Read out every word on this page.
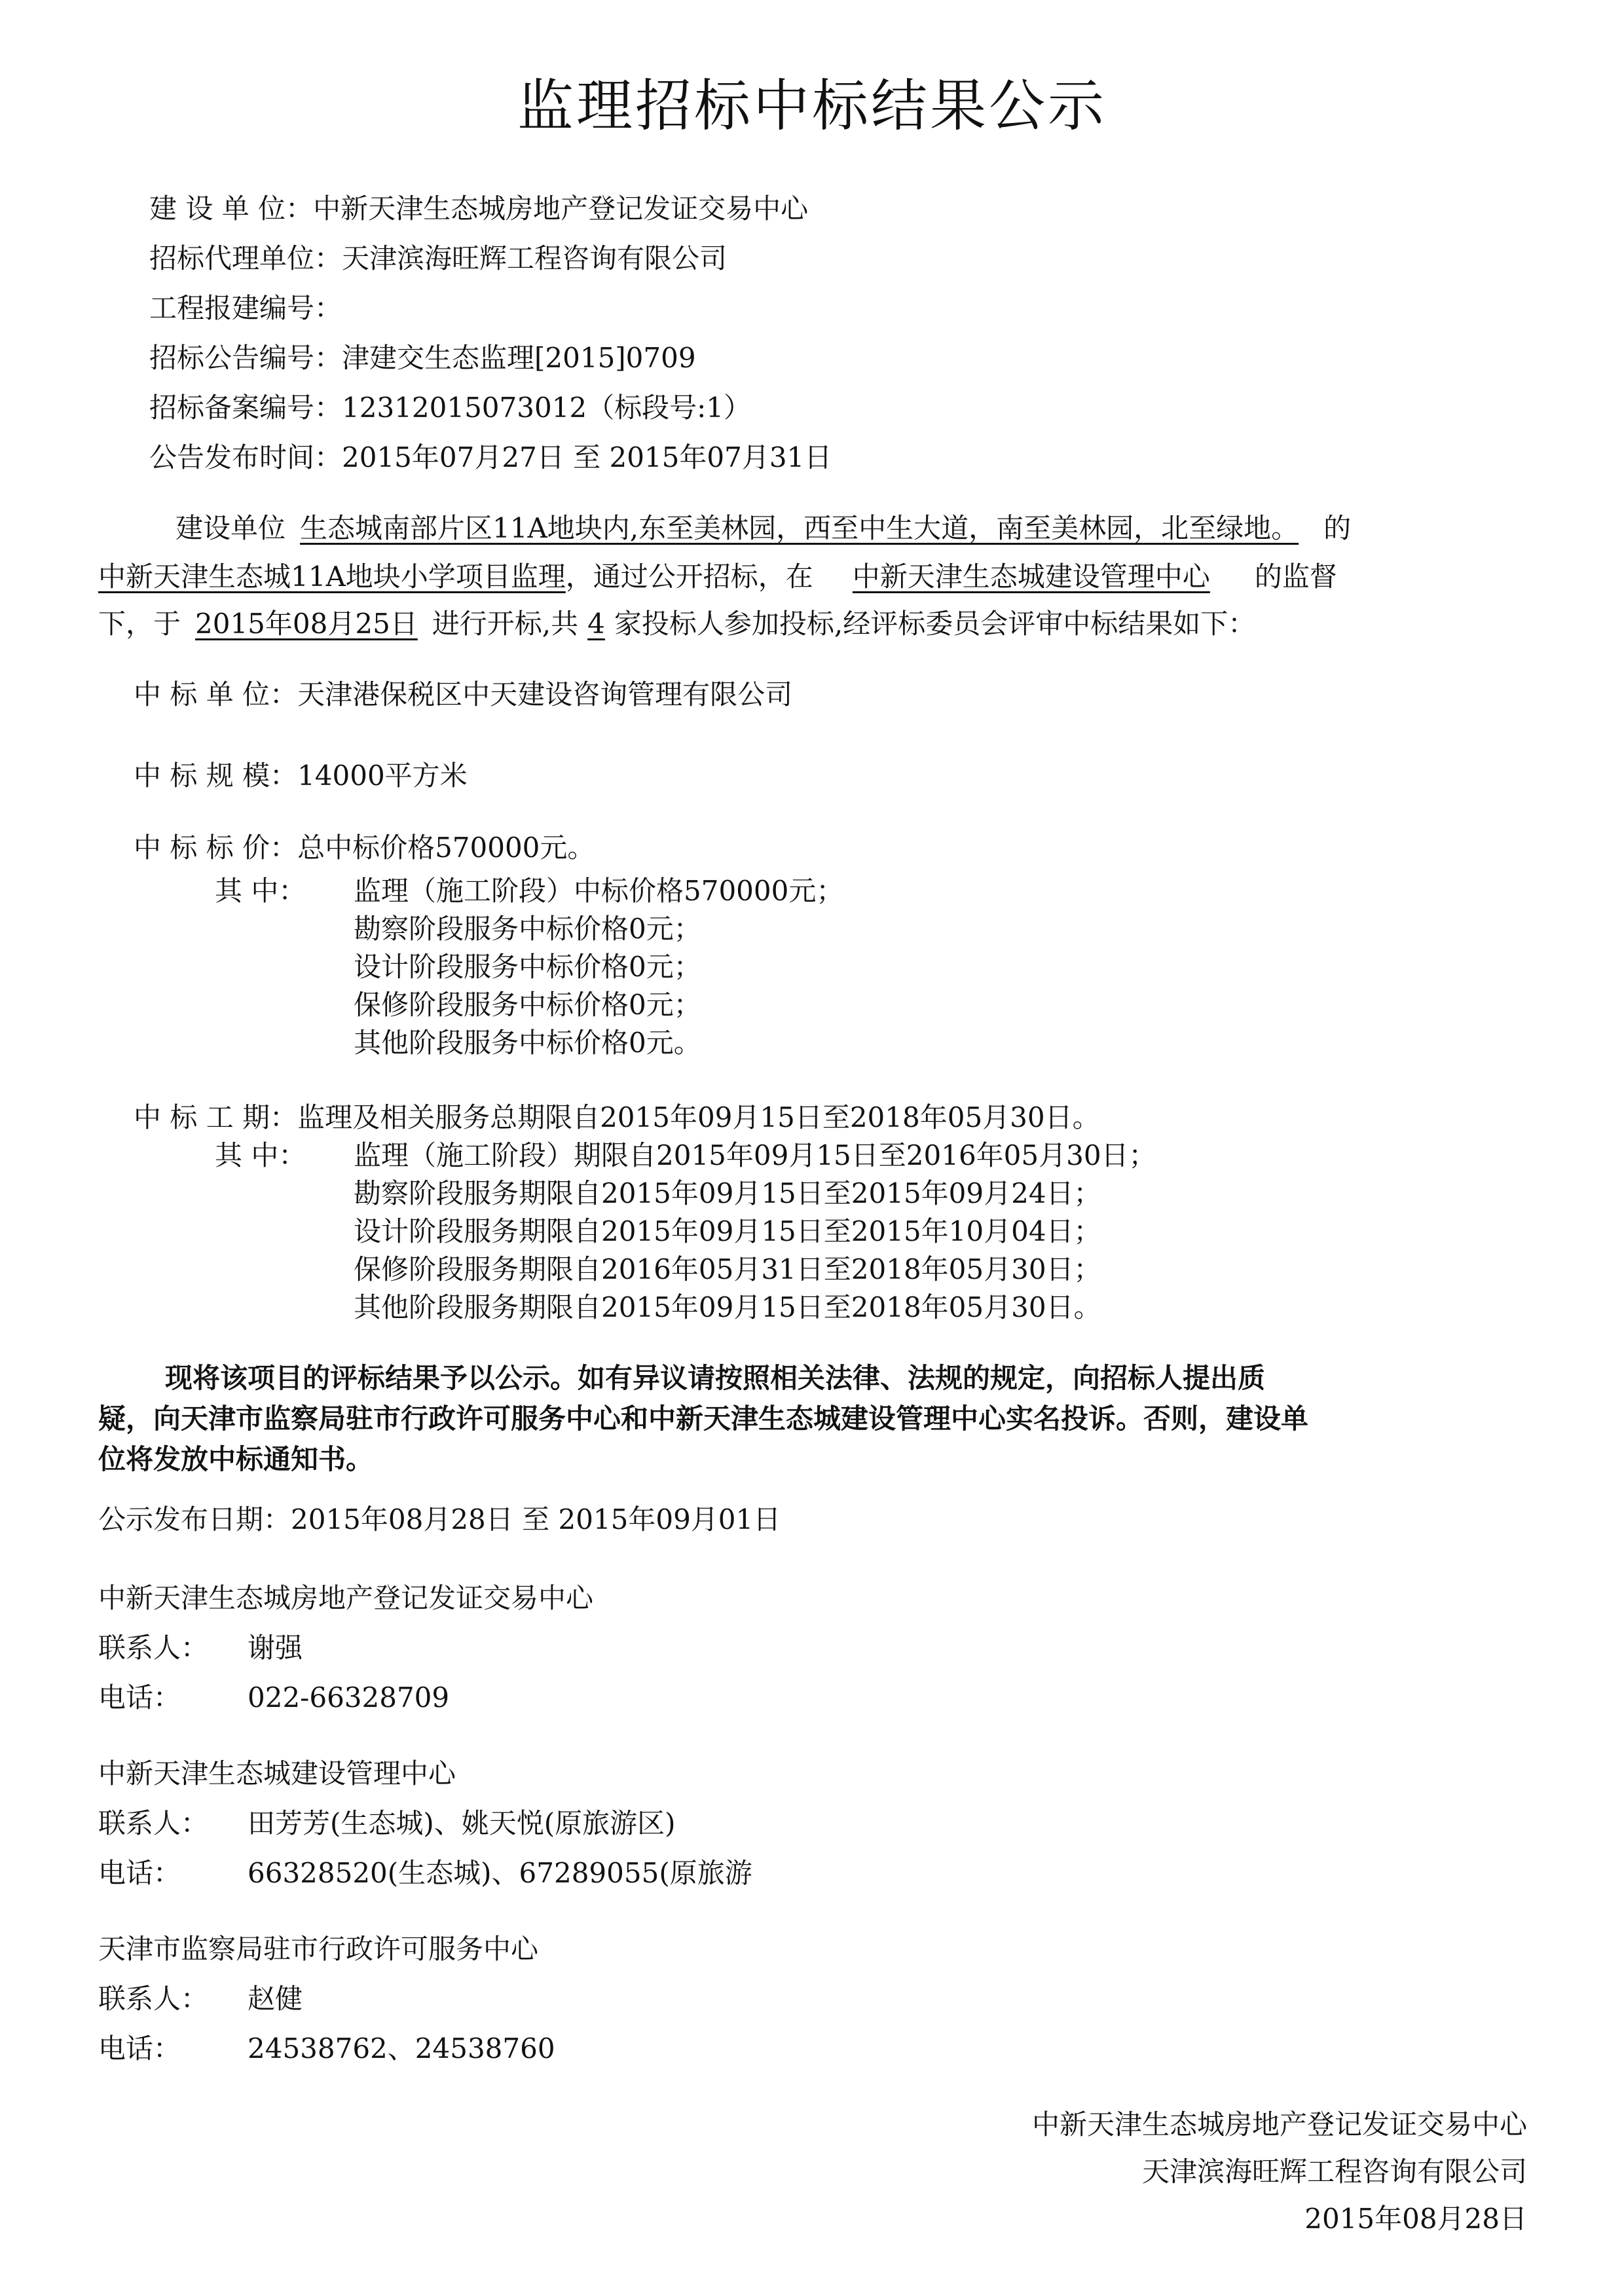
监理招标中标结果公示
建 设 单 位：中新天津生态城房地产登记发证交易中心
招标代理单位：天津滨海旺辉工程咨询有限公司
工程报建编号：
招标公告编号：津建交生态监理[2015]0709
招标备案编号：12312015073012（标段号:1）
公告发布时间：2015年07月27日 至 2015年07月31日
建设单位 生态城南部片区11A地块内,东至美林园，西至中生大道，南至美林园，北至绿地。 的
中新天津生态城11A地块小学项目监理，通过公开招标，在 中新天津生态城建设管理中心 的监督
下，于 2015年08月25日 进行开标,共 4 家投标人参加投标,经评标委员会评审中标结果如下：
中 标 单 位：天津港保税区中天建设咨询管理有限公司
中 标 规 模：14000平方米
中 标 标 价：总中标价格570000元。
其 中： 监理（施工阶段）中标价格570000元；
勘察阶段服务中标价格0元；
设计阶段服务中标价格0元；
保修阶段服务中标价格0元；
其他阶段服务中标价格0元。
中 标 工 期：监理及相关服务总期限自2015年09月15日至2018年05月30日。
其 中： 监理（施工阶段）期限自2015年09月15日至2016年05月30日；
勘察阶段服务期限自2015年09月15日至2015年09月24日；
设计阶段服务期限自2015年09月15日至2015年10月04日；
保修阶段服务期限自2016年05月31日至2018年05月30日；
其他阶段服务期限自2015年09月15日至2018年05月30日。
现将该项目的评标结果予以公示。如有异议请按照相关法律、法规的规定，向招标人提出质
疑，向天津市监察局驻市行政许可服务中心和中新天津生态城建设管理中心实名投诉。否则，建设单
位将发放中标通知书。
公示发布日期：2015年08月28日 至 2015年09月01日
中新天津生态城房地产登记发证交易中心
联系人： 谢强
电话： 022-66328709
中新天津生态城建设管理中心
联系人： 田芳芳(生态城)、姚天悦(原旅游区)
电话： 66328520(生态城)、67289055(原旅游
天津市监察局驻市行政许可服务中心
联系人： 赵健
电话： 24538762、24538760
中新天津生态城房地产登记发证交易中心
天津滨海旺辉工程咨询有限公司
2015年08月28日
